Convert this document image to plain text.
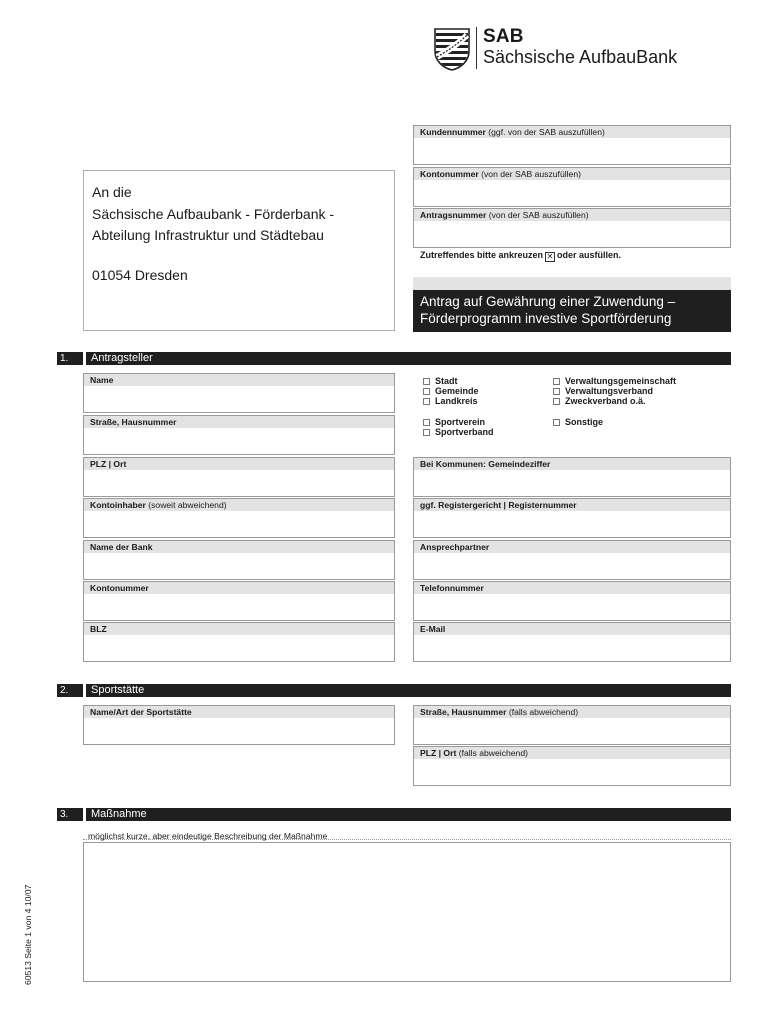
SAB
Sächsische AufbauBank
Kundennummer (ggf. von der SAB auszufüllen)
Kontonummer (von der SAB auszufüllen)
Antragsnummer (von der SAB auszufüllen)
An die
Sächsische Aufbaubank - Förderbank -
Abteilung Infrastruktur und Städtebau
01054 Dresden
Zutreffendes bitte ankreuzen ✕ oder ausfüllen.
Antrag auf Gewährung einer Zuwendung –
Förderprogramm investive Sportförderung
1.	Antragsteller
Name
Straße, Hausnummer
PLZ | Ort
Kontoinhaber (soweit abweichend)
Name der Bank
Kontonummer
BLZ
Stadt
Gemeinde
Landkreis
Verwaltungsgemeinschaft
Verwaltungsverband
Zweckverband o.ä.
Sportverein
Sportverband
Sonstige
Bei Kommunen: Gemeindeziffer
ggf. Registergericht | Registernummer
Ansprechpartner
Telefonnummer
E-Mail
2.	Sportstätte
Name/Art der Sportstätte	Straße, Hausnummer (falls abweichend)
PLZ | Ort (falls abweichend)
3.	Maßnahme
möglichst kurze, aber eindeutige Beschreibung der Maßnahme
60513 Seite 1 von 4 10/07
